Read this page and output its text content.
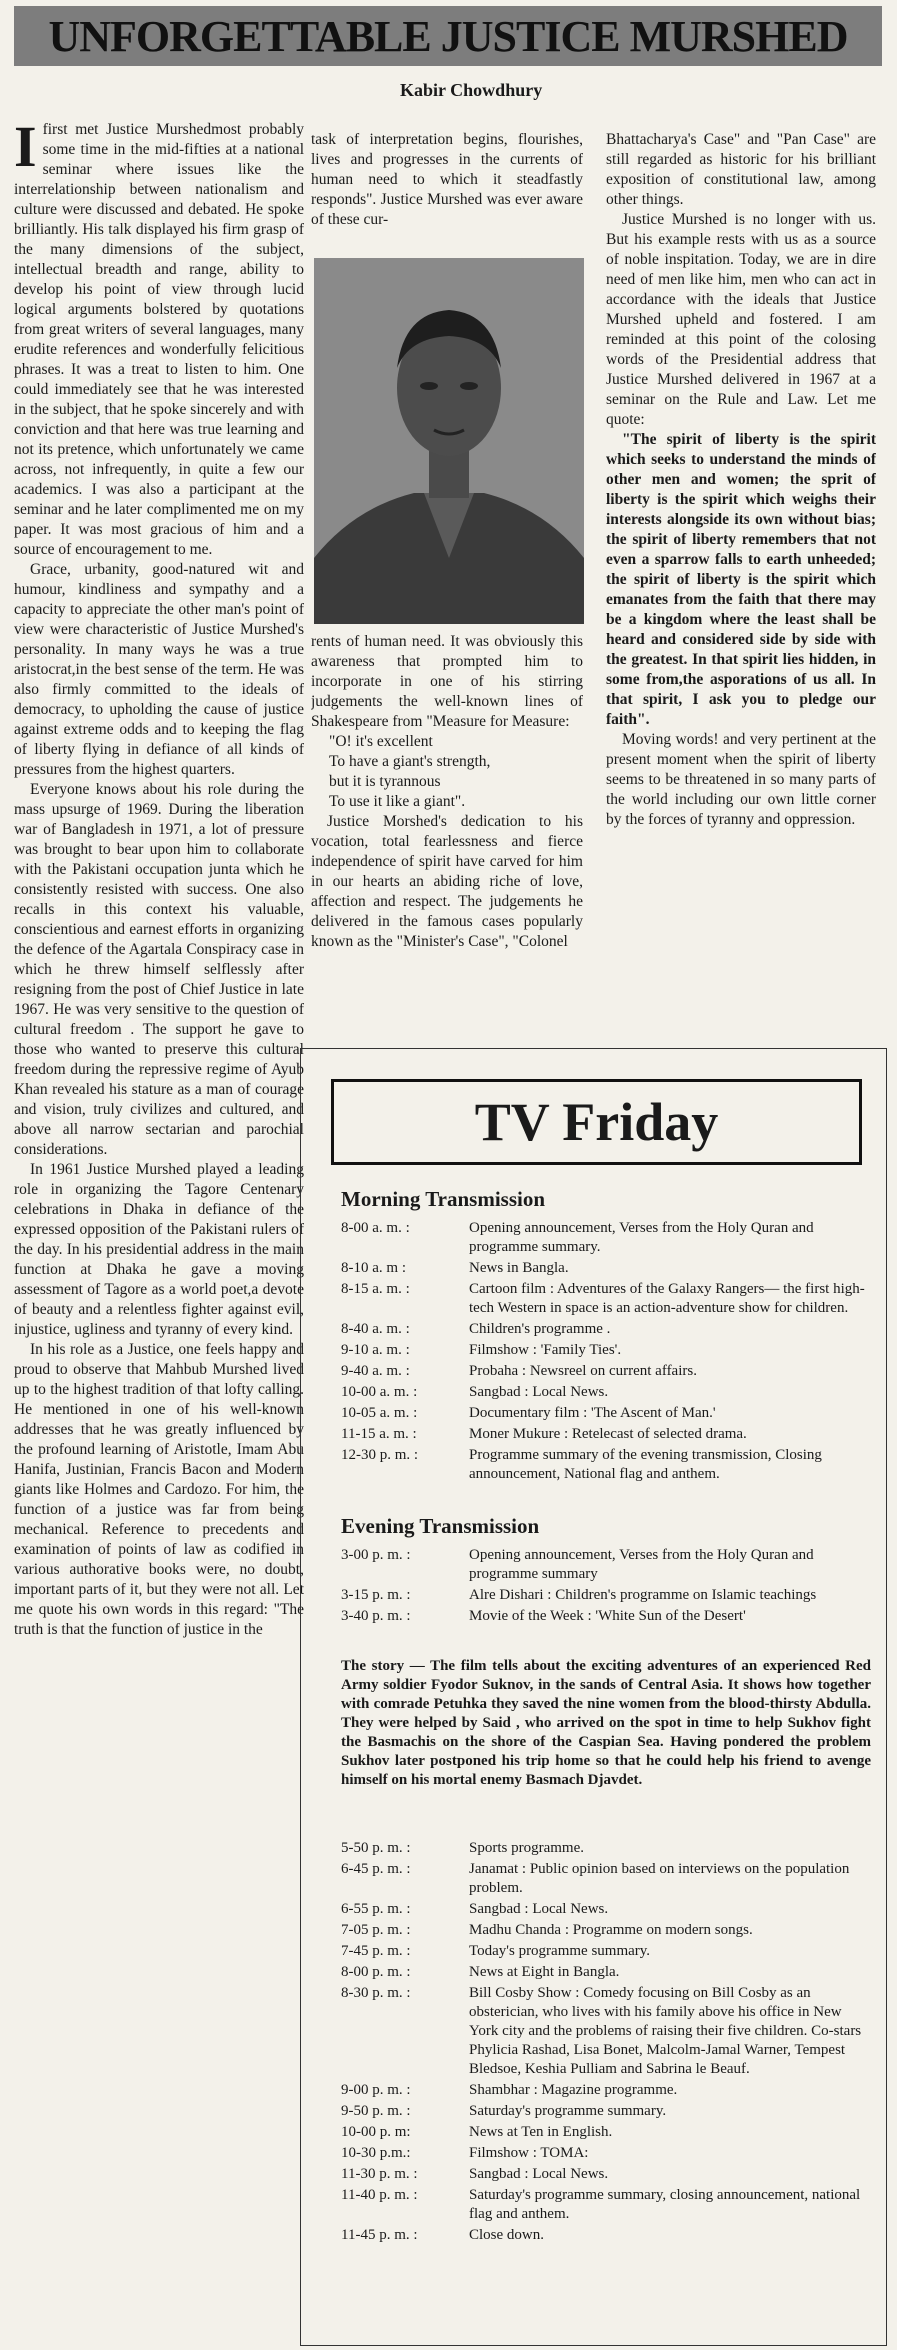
UNFORGETTABLE JUSTICE MURSHED
Kabir Chowdhury

Ifirst met Justice Murshedmost probably some time in the mid-fifties at a national seminar where issues like the interrelationship between nationalism and culture were discussed and debated. He spoke brilliantly. His talk displayed his firm grasp of the many dimensions of the subject, intellectual breadth and range, ability to develop his point of view through lucid logical arguments bolstered by quotations from great writers of several languages, many erudite references and wonderfully felicitious phrases. It was a treat to listen to him. One could immediately see that he was interested in the subject, that he spoke sincerely and with conviction and that here was true learning and not its pretence, which unfortunately we came across, not infrequently, in quite a few our academics. I was also a participant at the seminar and he later complimented me on my paper. It was most gracious of him and a source of encouragement to me.

Grace, urbanity, good-natured wit and humour, kindliness and sympathy and a capacity to appreciate the other man's point of view were characteristic of Justice Murshed's personality. In many ways he was a true aristocrat,in the best sense of the term. He was also firmly committed to the ideals of democracy, to upholding the cause of justice against extreme odds and to keeping the flag of liberty flying in defiance of all kinds of pressures from the highest quarters.

Everyone knows about his role during the mass upsurge of 1969. During the liberation war of Bangladesh in 1971, a lot of pressure was brought to bear upon him to collaborate with the Pakistani occupation junta which he consistently resisted with success. One also recalls in this context his valuable, conscientious and earnest efforts in organizing the defence of the Agartala Conspiracy case in which he threw himself selflessly after resigning from the post of Chief Justice in late 1967. He was very sensitive to the question of cultural freedom . The support he gave to those who wanted to preserve this cultural freedom during the repressive regime of Ayub Khan revealed his stature as a man of courage and vision, truly civilizes and cultured, and above all narrow sectarian and parochial considerations.

In 1961 Justice Murshed played a leading role in organizing the Tagore Centenary celebrations in Dhaka in defiance of the expressed opposition of the Pakistani rulers of the day. In his presidential address in the main function at Dhaka he gave a moving assessment of Tagore as a world poet,a devote of beauty and a relentless fighter against evil, injustice, ugliness and tyranny of every kind.

In his role as a Justice, one feels happy and proud to observe that Mahbub Murshed lived up to the highest tradition of that lofty calling. He mentioned in one of his well-known addresses that he was greatly influenced by the profound learning of Aristotle, Imam Abu Hanifa, Justinian, Francis Bacon and Modern giants like Holmes and Cardozo. For him, the function of a justice was far from being mechanical. Reference to precedents and examination of points of law as codified in various authorative books were, no doubt, important parts of it, but they were not all. Let me quote his own words in this regard: "The truth is that the function of justice in the

task of interpretation begins, flourishes, lives and progresses in the currents of human need to which it steadfastly responds". Justice Murshed was ever aware of these cur-

rents of human need. It was obviously this awareness that prompted him to incorporate in one of his stirring judgements the well-known lines of Shakespeare from "Measure for Measure:

"O! it's excellent

To have a giant's strength,

but it is tyrannous

To use it like a giant".

Justice Morshed's dedication to his vocation, total fearlessness and fierce independence of spirit have carved for him in our hearts an abiding riche of love, affection and respect. The judgements he delivered in the famous cases popularly known as the "Minister's Case", "Colonel

Bhattacharya's Case" and "Pan Case" are still regarded as historic for his brilliant exposition of constitutional law, among other things.

Justice Murshed is no longer with us. But his example rests with us as a source of noble inspitation. Today, we are in dire need of men like him, men who can act in accordance with the ideals that Justice Murshed upheld and fostered. I am reminded at this point of the colosing words of the Presidential address that Justice Murshed delivered in 1967 at a seminar on the Rule and Law. Let me quote:

"The spirit of liberty is the spirit which seeks to understand the minds of other men and women; the sprit of liberty is the spirit which weighs their interests alongside its own without bias; the spirit of liberty remembers that not even a sparrow falls to earth unheeded; the spirit of liberty is the spirit which emanates from the faith that there may be a kingdom where the least shall be heard and considered side by side with the greatest. In that spirit lies hidden, in some from,the asporations of us all. In that spirit, I ask you to pledge our faith".

Moving words! and very pertinent at the present moment when the spirit of liberty seems to be threatened in so many parts of the world including our own little corner by the forces of tyranny and oppression.

TV Friday
Morning Transmission
8-00 a. m. :	Opening announcement, Verses from the Holy Quran and programme summary.
8-10 a. m :	News in Bangla.
8-15 a. m. :	Cartoon film : Adventures of the Galaxy Rangers— the first high-tech Western in space is an action-adventure show for children.
8-40 a. m. :	Children's programme .
9-10 a. m. :	Filmshow : 'Family Ties'.
9-40 a. m. :	Probaha : Newsreel on current affairs.
10-00 a. m. :	Sangbad : Local News.
10-05 a. m. :	Documentary film : 'The Ascent of Man.'
11-15 a. m. :	Moner Mukure : Retelecast of selected drama.
12-30 p. m. :	Programme summary of the evening transmission, Closing announcement, National flag and anthem.
Evening Transmission
3-00 p. m. :	Opening announcement, Verses from the Holy Quran and programme summary
3-15 p. m. :	Alre Dishari : Children's programme on Islamic teachings
3-40 p. m. :	Movie of the Week : 'White Sun of the Desert'
The story — The film tells about the exciting adventures of an experienced Red Army soldier Fyodor Suknov, in the sands of Central Asia. It shows how together with comrade Petuhka they saved the nine women from the blood-thirsty Abdulla. They were helped by Said , who arrived on the spot in time to help Sukhov fight the Basmachis on the shore of the Caspian Sea. Having pondered the problem Sukhov later postponed his trip home so that he could help his friend to avenge himself on his mortal enemy Basmach Djavdet.
5-50 p. m. :	Sports programme.
6-45 p. m. :	Janamat : Public opinion based on interviews on the population problem.
6-55 p. m. :	Sangbad : Local News.
7-05 p. m. :	Madhu Chanda : Programme on modern songs.
7-45 p. m. :	Today's programme summary.
8-00 p. m. :	News at Eight in Bangla.
8-30 p. m. :	Bill Cosby Show : Comedy focusing on Bill Cosby as an obsterician, who lives with his family above his office in New York city and the problems of raising their five children. Co-stars Phylicia Rashad, Lisa Bonet, Malcolm-Jamal Warner, Tempest Bledsoe, Keshia Pulliam and Sabrina le Beauf.
9-00 p. m. :	Shambhar : Magazine programme.
9-50 p. m. :	Saturday's programme summary.
10-00 p. m:	News at Ten in English.
10-30 p.m.:	Filmshow : TOMA:
11-30 p. m. :	Sangbad : Local News.
11-40 p. m. :	Saturday's programme summary, closing announcement, national flag and anthem.
11-45 p. m. :	Close down.
